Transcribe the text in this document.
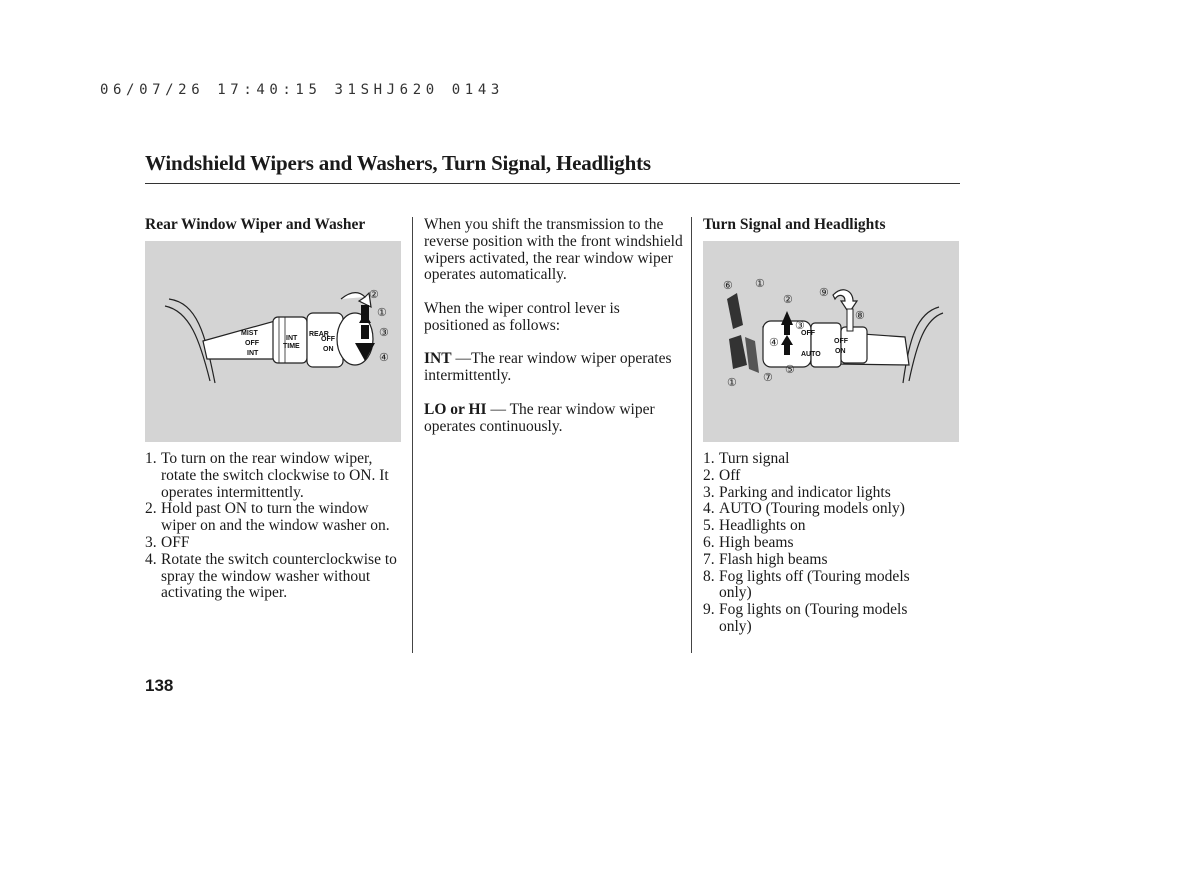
06/07/26 17:40:15 31SHJ620 0143
Windshield Wipers and Washers, Turn Signal, Headlights
Rear Window Wiper and Washer
MIST
OFF
INT
INT
TIME
REAR
OFF
ON
②
①
③
④
1. To turn on the rear window wiper, rotate the switch clockwise to ON. It operates intermittently.
2. Hold past ON to turn the window wiper on and the window washer on.
3. OFF
4. Rotate the switch counterclockwise to spray the window washer without activating the wiper.

When you shift the transmission to the reverse position with the front windshield wipers activated, the rear window wiper operates automatically.

When the wiper control lever is positioned as follows:

INT ―The rear window wiper operates intermittently.

LO or HI ― The rear window wiper operates continuously.

Turn Signal and Headlights
OFF
AUTO
OFF
ON
⑥ ①
②
⑨
⑧
③
④
⑦
⑤
①
1. Turn signal
2. Off
3. Parking and indicator lights
4. AUTO (Touring models only)
5. Headlights on
6. High beams
7. Flash high beams
8. Fog lights off (Touring models only)
9. Fog lights on (Touring models only)
138
